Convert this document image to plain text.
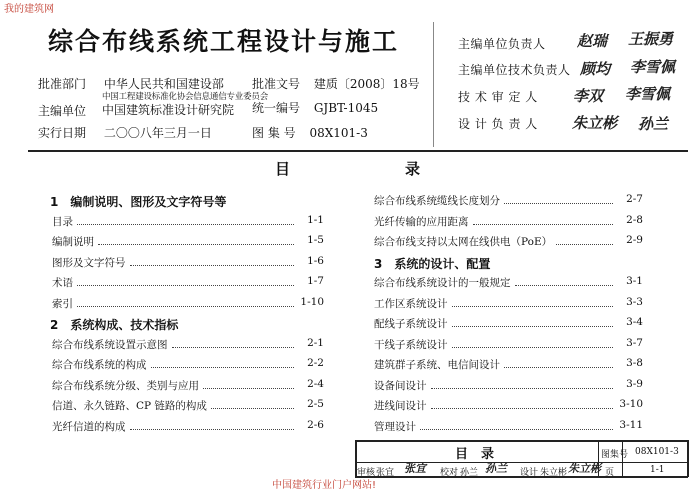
我的建筑网
综合布线系统工程设计与施工
批准部门 中华人民共和国建设部 批准文号 建质〔2008〕18号
主编单位
中国工程建设标准化协会信息通信专业委员会
中国建筑标准设计研究院	统一编号 GJBT-1045
实行日期 二〇〇八年三月一日	图 集 号 08X101-3
主编单位负责人 赵瑞 王振勇
主编单位技术负责人 顾均 李雪佩
技 术 审 定 人 李双 李雪佩
设 计 负 责 人 朱立彬 孙兰
目	录
1　编制说明、图形及文字符号等
目录	1-1
编制说明	1-5
图形及文字符号	1-6
术语	1-7
索引	1-10
2　系统构成、技术指标
综合布线系统设置示意图	2-1
综合布线系统的构成	2-2
综合布线系统分级、类别与应用	2-4
信道、永久链路、CP 链路的构成	2-5
光纤信道的构成	2-6
综合布线系统缆线长度划分	2-7
光纤传输的应用距离	2-8
综合布线支持以太网在线供电（PoE）	2-9
3　系统的设计、配置
综合布线系统设计的一般规定	3-1
工作区系统设计	3-3
配线子系统设计	3-4
干线子系统设计	3-7
建筑群子系统、电信间设计	3-8
设备间设计	3-9
进线间设计	3-10
管理设计	3-11
目　录	图集号 08X101-3
页	1-1
审核 张宜 张宜 校对 孙兰 孙兰 设计 朱立彬 朱立彬
中国建筑行业门户网站!
